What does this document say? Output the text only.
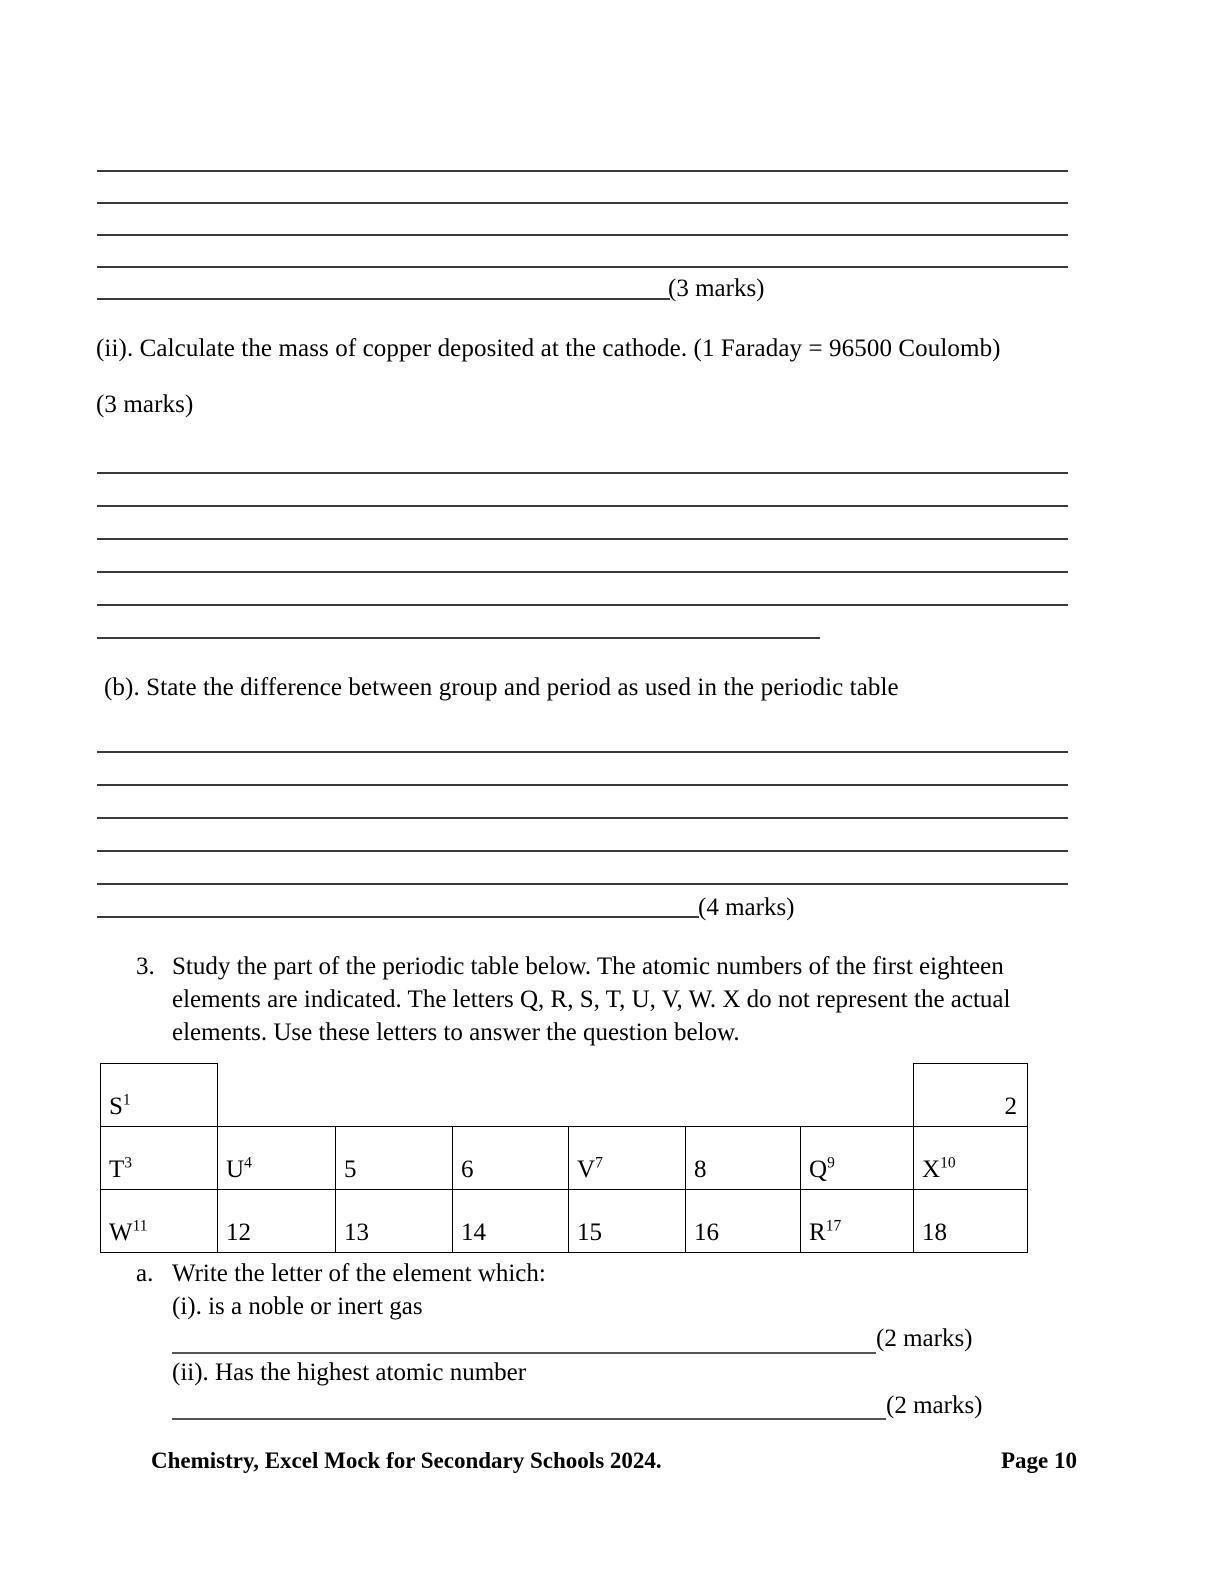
(3 marks)
(ii). Calculate the mass of copper deposited at the cathode. (1 Faraday = 96500 Coulomb)
(3 marks)
(b). State the difference between group and period as used in the periodic table
(4 marks)
3. Study the part of the periodic table below. The atomic numbers of the first eighteen elements are indicated. The letters Q, R, S, T, U, V, W. X do not represent the actual elements. Use these letters to answer the question below.
$S^1$							2
$T^3$	$U^4$	5	6	$V^7$	8	$Q^9$	$X^{10}$
$W^{11}$	12	13	14	15	16	$R^{17}$	18
a. Write the letter of the element which:
(i). is a noble or inert gas
(2 marks)
(ii). Has the highest atomic number
(2 marks)
Chemistry, Excel Mock for Secondary Schools 2024.	Page 10
